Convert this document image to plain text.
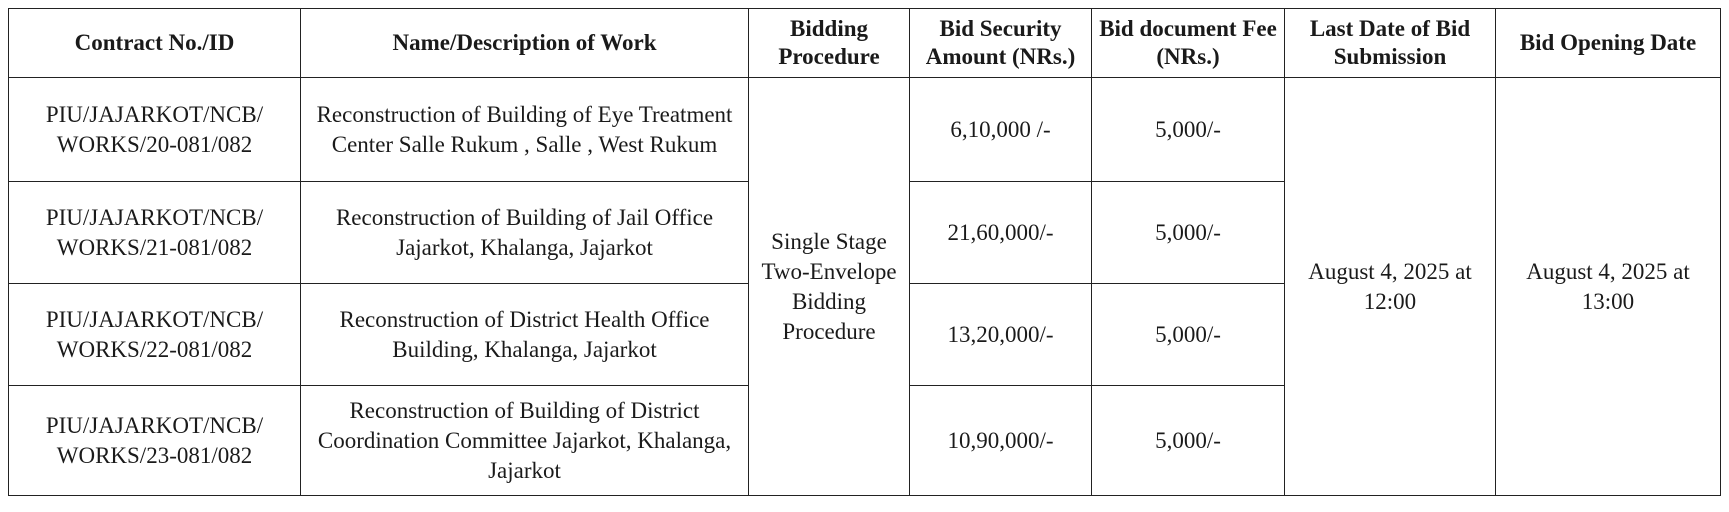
Contract No./ID	Name/Description of Work	Bidding Procedure	Bid Security Amount (NRs.)	Bid document Fee (NRs.)	Last Date of Bid Submission	Bid Opening Date
PIU/JAJARKOT/NCB/ WORKS/20-081/082	Reconstruction of Building of Eye Treatment Center Salle Rukum , Salle , West Rukum	Single Stage Two-Envelope Bidding Procedure	6,10,000 /-	5,000/-	August 4, 2025 at 12:00	August 4, 2025 at 13:00
PIU/JAJARKOT/NCB/ WORKS/21-081/082	Reconstruction of Building of Jail Office Jajarkot, Khalanga, Jajarkot		21,60,000/-	5,000/-		
PIU/JAJARKOT/NCB/ WORKS/22-081/082	Reconstruction of District Health Office Building, Khalanga, Jajarkot		13,20,000/-	5,000/-		
PIU/JAJARKOT/NCB/ WORKS/23-081/082	Reconstruction of Building of District Coordination Committee Jajarkot, Khalanga, Jajarkot		10,90,000/-	5,000/-		
